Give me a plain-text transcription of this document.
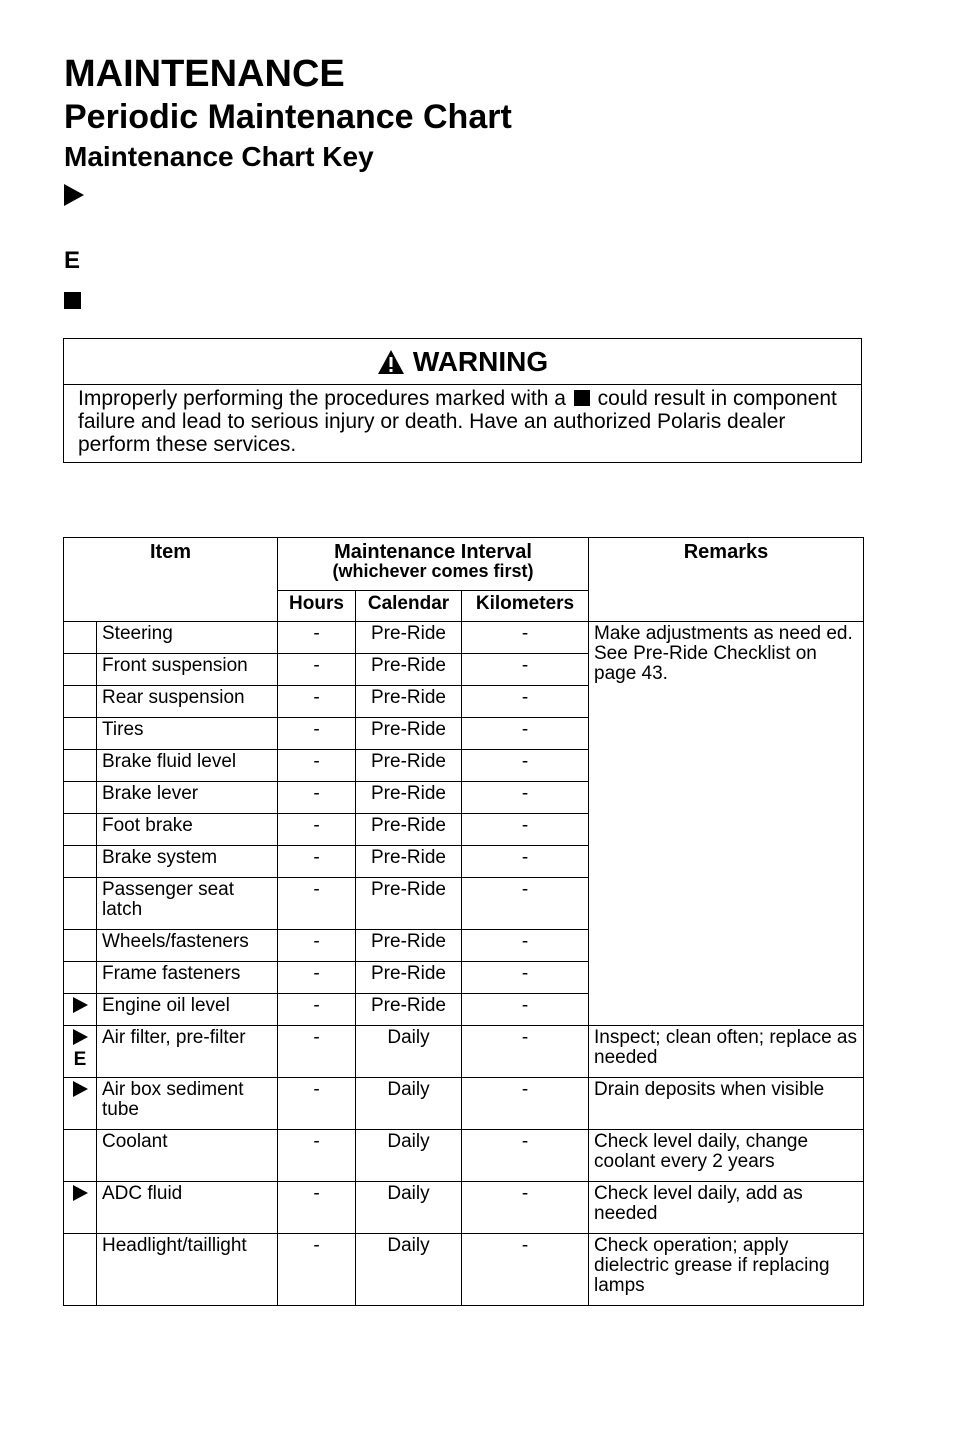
MAINTENANCE
Periodic Maintenance Chart
Maintenance Chart Key
E
WARNING
Improperly performing the procedures marked with a could result in component failure and lead to serious injury or death. Have an authorized Polaris dealer perform these services.
Item		Maintenance Interval
(whichever comes first)			Remarks
		Hours	Calendar	Kilometers	
	Steering	-	Pre-Ride	-	Make adjustments as need ed. See Pre-Ride Checklist on page 43.
	Front suspension	-	Pre-Ride	-	
	Rear suspension	-	Pre-Ride	-	
	Tires	-	Pre-Ride	-	
	Brake fluid level	-	Pre-Ride	-	
	Brake lever	-	Pre-Ride	-	
	Foot brake	-	Pre-Ride	-	
	Brake system	-	Pre-Ride	-	
	Passenger seat latch	-	Pre-Ride	-	
	Wheels/fasteners	-	Pre-Ride	-	
	Frame fasteners	-	Pre-Ride	-	
	Engine oil level	-	Pre-Ride	-	

E	Air filter, pre-filter	-	Daily	-	Inspect; clean often; replace as needed
	Air box sediment tube	-	Daily	-	Drain deposits when visible
	Coolant	-	Daily	-	Check level daily, change coolant every 2 years
	ADC fluid	-	Daily	-	Check level daily, add as needed
	Headlight/taillight	-	Daily	-	Check operation; apply dielectric grease if replacing lamps
